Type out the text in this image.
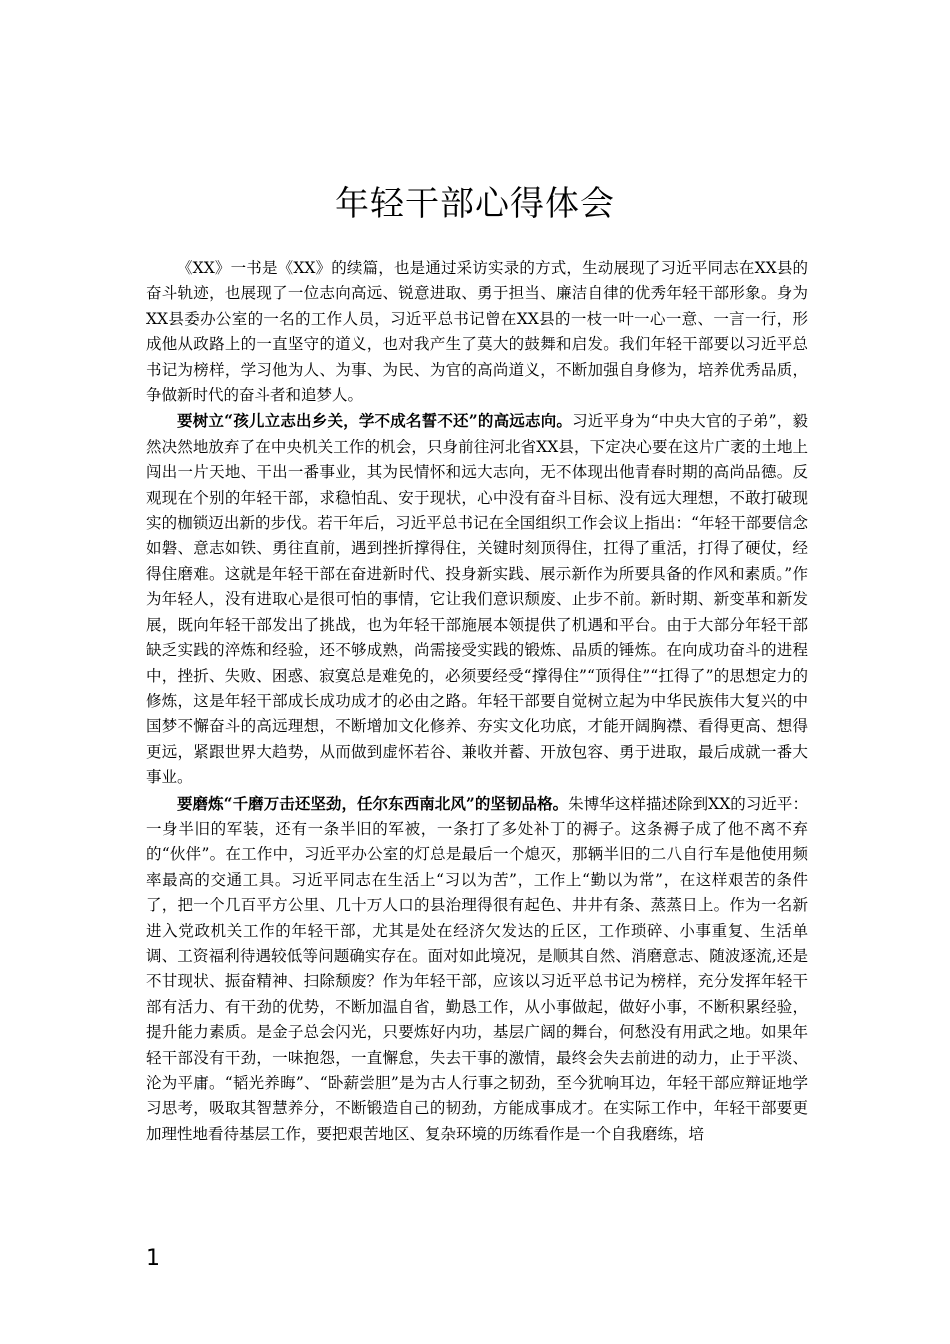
年轻干部心得体会

《XX》一书是《XX》的续篇，也是通过采访实录的方式，生动展现了习近平同志在XX县的奋斗轨迹，也展现了一位志向高远、锐意进取、勇于担当、廉洁自律的优秀年轻干部形象。身为XX县委办公室的一名的工作人员，习近平总书记曾在XX县的一枝一叶一心一意、一言一行，形成他从政路上的一直坚守的道义，也对我产生了莫大的鼓舞和启发。我们年轻干部要以习近平总书记为榜样，学习他为人、为事、为民、为官的高尚道义，不断加强自身修为，培养优秀品质，争做新时代的奋斗者和追梦人。

要树立“孩儿立志出乡关，学不成名誓不还”的高远志向。习近平身为“中央大官的子弟”，毅然决然地放弃了在中央机关工作的机会，只身前往河北省XX县，下定决心要在这片广袤的土地上闯出一片天地、干出一番事业，其为民情怀和远大志向，无不体现出他青春时期的高尚品德。反观现在个别的年轻干部，求稳怕乱、安于现状，心中没有奋斗目标、没有远大理想，不敢打破现实的枷锁迈出新的步伐。若干年后，习近平总书记在全国组织工作会议上指出：“年轻干部要信念如磐、意志如铁、勇往直前，遇到挫折撑得住，关键时刻顶得住，扛得了重活，打得了硬仗，经得住磨难。这就是年轻干部在奋进新时代、投身新实践、展示新作为所要具备的作风和素质。”作为年轻人，没有进取心是很可怕的事情，它让我们意识颓废、止步不前。新时期、新变革和新发展，既向年轻干部发出了挑战，也为年轻干部施展本领提供了机遇和平台。由于大部分年轻干部缺乏实践的淬炼和经验，还不够成熟，尚需接受实践的锻炼、品质的锤炼。在向成功奋斗的进程中，挫折、失败、困惑、寂寞总是难免的，必须要经受“撑得住”“顶得住”“扛得了”的思想定力的修炼，这是年轻干部成长成功成才的必由之路。年轻干部要自觉树立起为中华民族伟大复兴的中国梦不懈奋斗的高远理想，不断增加文化修养、夯实文化功底，才能开阔胸襟、看得更高、想得更远，紧跟世界大趋势，从而做到虚怀若谷、兼收并蓄、开放包容、勇于进取，最后成就一番大事业。

要磨炼“千磨万击还坚劲，任尔东西南北风”的坚韧品格。朱博华这样描述除到XX的习近平：一身半旧的军装，还有一条半旧的军被，一条打了多处补丁的褥子。这条褥子成了他不离不弃的“伙伴”。在工作中，习近平办公室的灯总是最后一个熄灭，那辆半旧的二八自行车是他使用频率最高的交通工具。习近平同志在生活上“习以为苦”，工作上“勤以为常”，在这样艰苦的条件了，把一个几百平方公里、几十万人口的县治理得很有起色、井井有条、蒸蒸日上。作为一名新进入党政机关工作的年轻干部，尤其是处在经济欠发达的丘区，工作琐碎、小事重复、生活单调、工资福利待遇较低等问题确实存在。面对如此境况，是顺其自然、消磨意志、随波逐流,还是不甘现状、振奋精神、扫除颓废？作为年轻干部，应该以习近平总书记为榜样，充分发挥年轻干部有活力、有干劲的优势，不断加温自省，勤恳工作，从小事做起，做好小事，不断积累经验，提升能力素质。是金子总会闪光，只要炼好内功，基层广阔的舞台，何愁没有用武之地。如果年轻干部没有干劲，一味抱怨，一直懈怠，失去干事的激情，最终会失去前进的动力，止于平淡、沦为平庸。“韬光养晦”、“卧薪尝胆”是为古人行事之韧劲，至今犹响耳边，年轻干部应辩证地学习思考，吸取其智慧养分，不断锻造自己的韧劲，方能成事成才。在实际工作中，年轻干部要更加理性地看待基层工作，要把艰苦地区、复杂环境的历练看作是一个自我磨练，培

1
